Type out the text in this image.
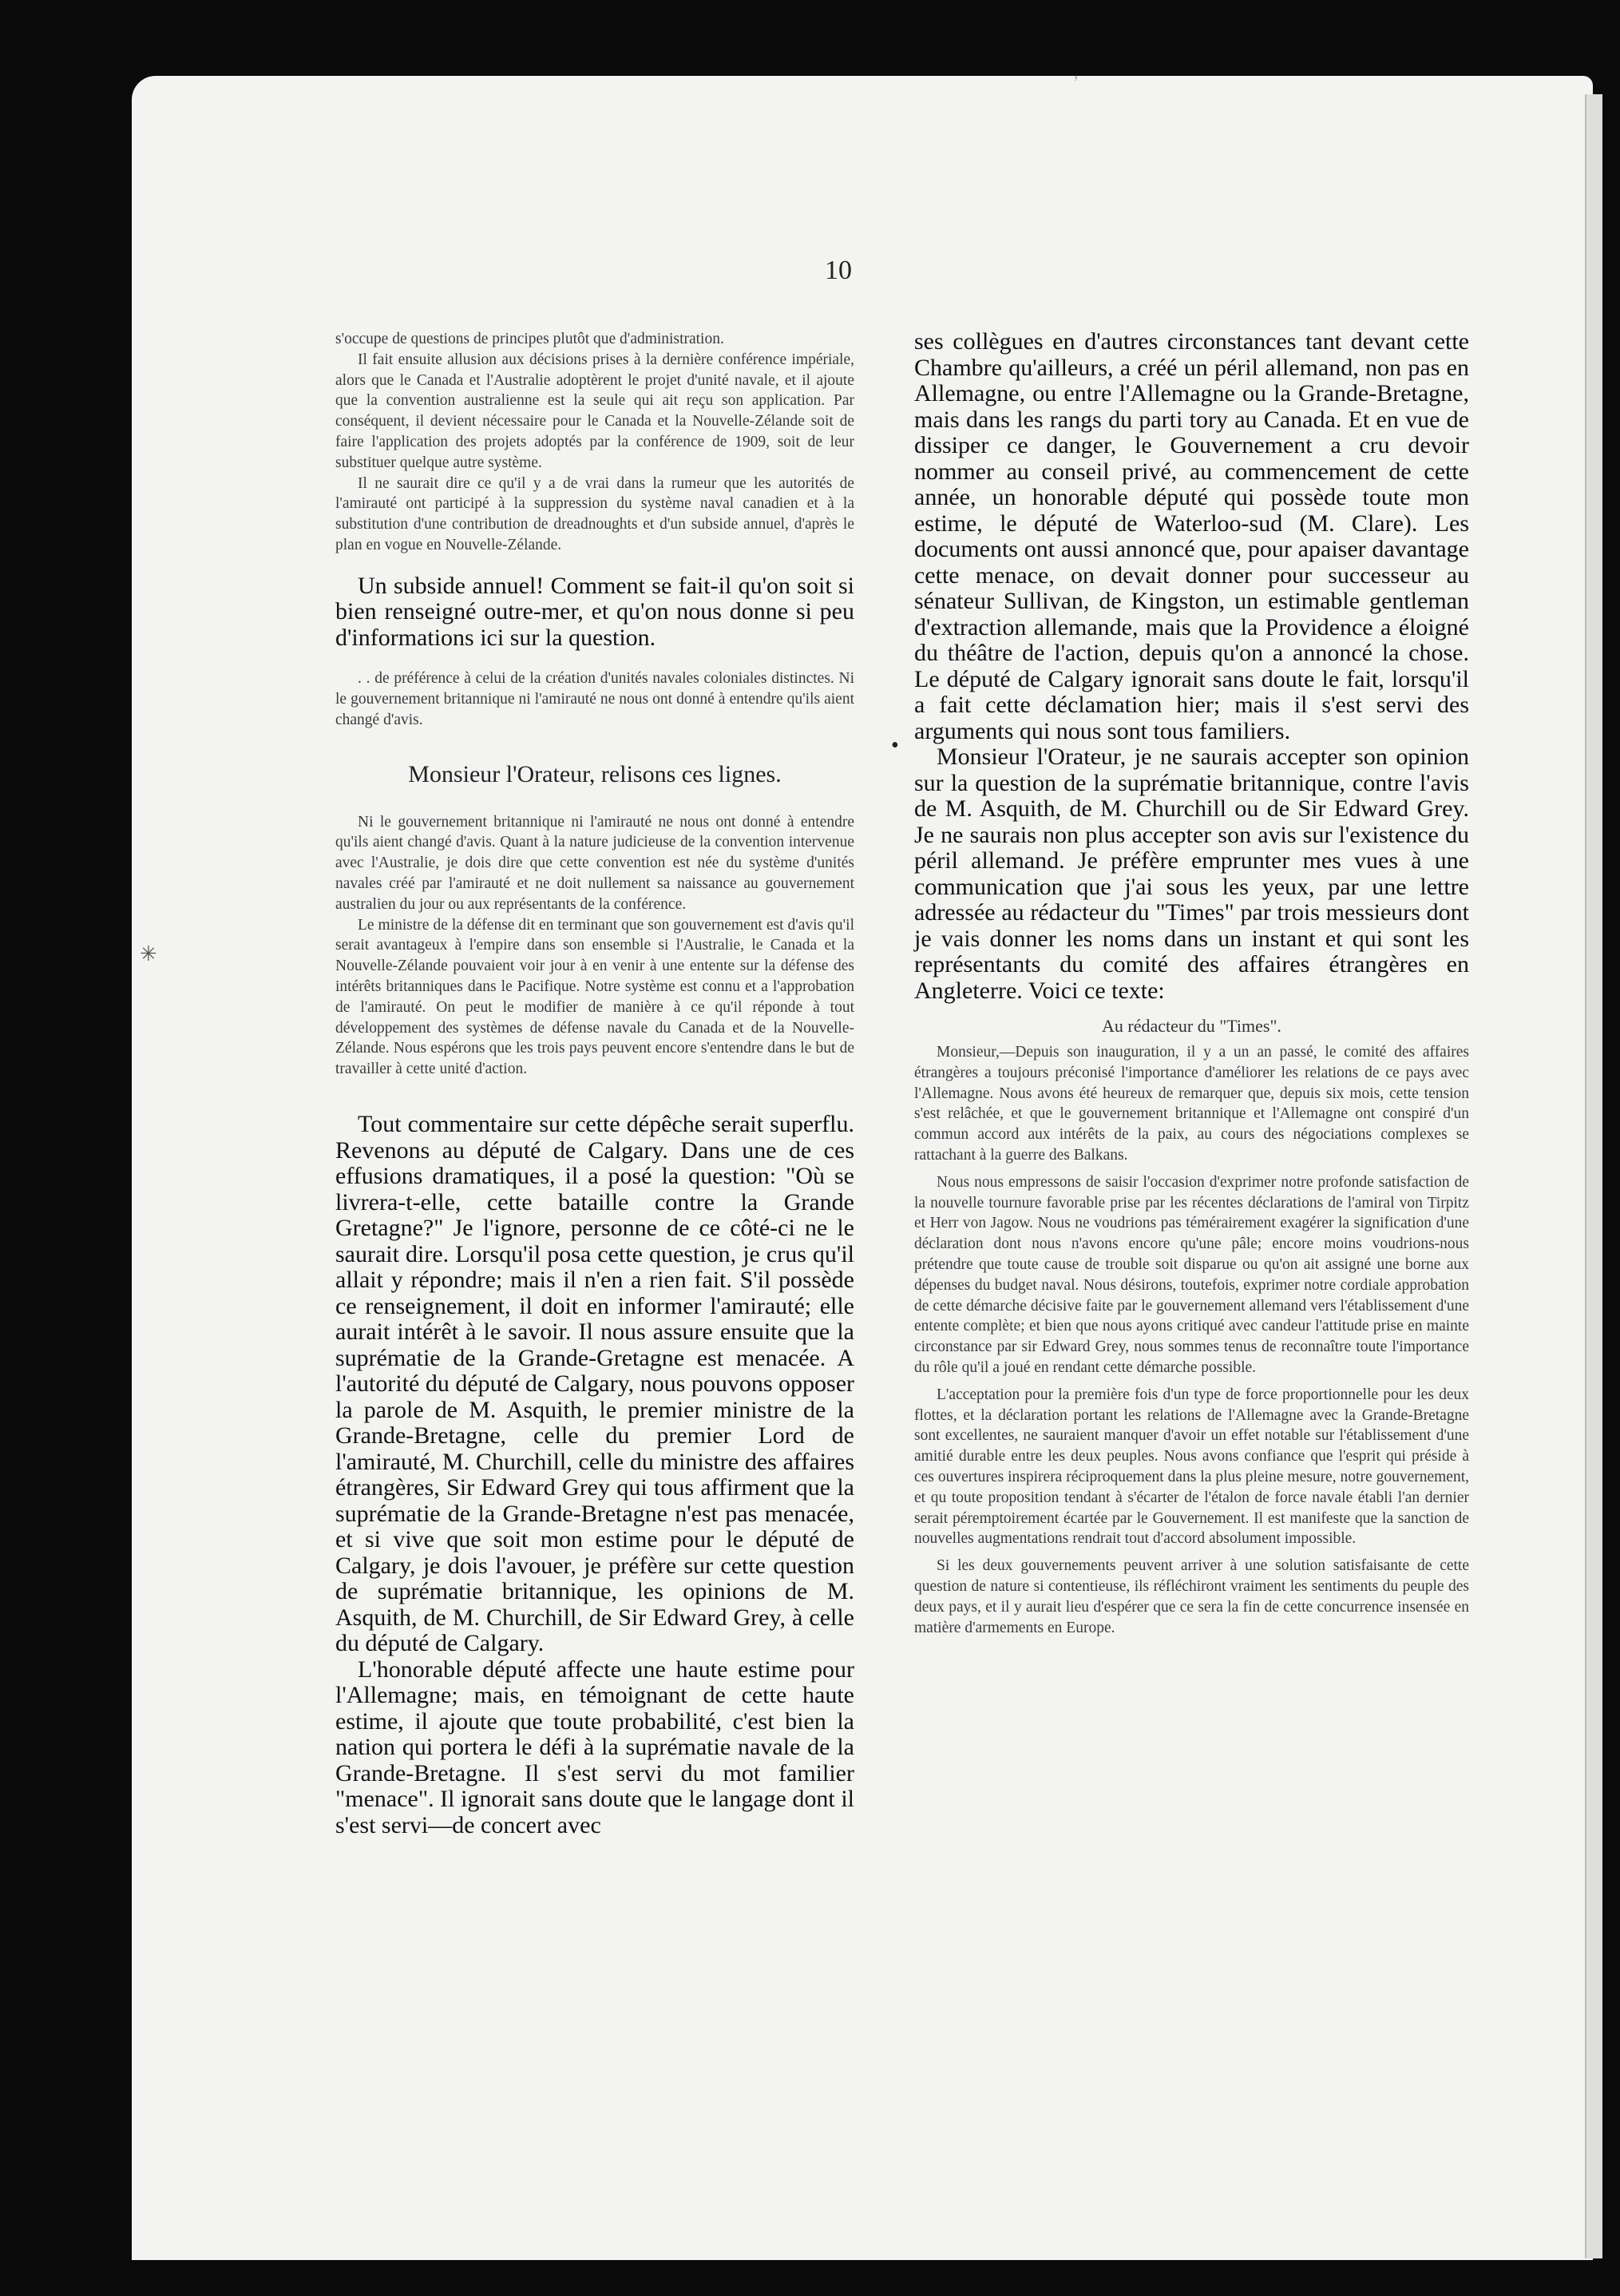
,
✳
•
10

s'occupe de questions de principes plutôt que d'administration.

Il fait ensuite allusion aux décisions prises à la dernière conférence impériale, alors que le Canada et l'Australie adoptèrent le projet d'unité navale, et il ajoute que la convention australienne est la seule qui ait reçu son application. Par conséquent, il devient nécessaire pour le Canada et la Nouvelle-Zélande soit de faire l'application des projets adoptés par la conférence de 1909, soit de leur substituer quelque autre système.

Il ne saurait dire ce qu'il y a de vrai dans la rumeur que les autorités de l'amirauté ont participé à la suppression du système naval canadien et à la substitution d'une contribution de dreadnoughts et d'un subside annuel, d'après le plan en vogue en Nouvelle-Zélande.

Un subside annuel! Comment se fait-il qu'on soit si bien renseigné outre-mer, et qu'on nous donne si peu d'informations ici sur la question.

. . de préférence à celui de la création d'unités navales coloniales distinctes. Ni le gouvernement britannique ni l'amirauté ne nous ont donné à entendre qu'ils aient changé d'avis.

Monsieur l'Orateur, relisons ces lignes.

Ni le gouvernement britannique ni l'amirauté ne nous ont donné à entendre qu'ils aient changé d'avis. Quant à la nature judicieuse de la convention intervenue avec l'Australie, je dois dire que cette convention est née du système d'unités navales créé par l'amirauté et ne doit nullement sa naissance au gouvernement australien du jour ou aux représentants de la conférence.

Le ministre de la défense dit en terminant que son gouvernement est d'avis qu'il serait avantageux à l'empire dans son ensemble si l'Australie, le Canada et la Nouvelle-Zélande pouvaient voir jour à en venir à une entente sur la défense des intérêts britanniques dans le Pacifique. Notre système est connu et a l'approbation de l'amirauté. On peut le modifier de manière à ce qu'il réponde à tout développement des systèmes de défense navale du Canada et de la Nouvelle-Zélande. Nous espérons que les trois pays peuvent encore s'entendre dans le but de travailler à cette unité d'action.

Tout commentaire sur cette dépêche serait superflu. Revenons au député de Calgary. Dans une de ces effusions dramatiques, il a posé la question: "Où se livrera-t-elle, cette bataille contre la Grande Gretagne?" Je l'ignore, personne de ce côté-ci ne le saurait dire. Lorsqu'il posa cette question, je crus qu'il allait y répondre; mais il n'en a rien fait. S'il possède ce renseignement, il doit en informer l'amirauté; elle aurait intérêt à le savoir. Il nous assure ensuite que la suprématie de la Grande-Gretagne est menacée. A l'autorité du député de Calgary, nous pouvons opposer la parole de M. Asquith, le premier ministre de la Grande-Bretagne, celle du premier Lord de l'amirauté, M. Churchill, celle du ministre des affaires étrangères, Sir Edward Grey qui tous affirment que la suprématie de la Grande-Bretagne n'est pas menacée, et si vive que soit mon estime pour le député de Calgary, je dois l'avouer, je préfère sur cette question de suprématie britannique, les opinions de M. Asquith, de M. Churchill, de Sir Edward Grey, à celle du député de Calgary.

L'honorable député affecte une haute estime pour l'Allemagne; mais, en témoignant de cette haute estime, il ajoute que toute probabilité, c'est bien la nation qui portera le défi à la suprématie navale de la Grande-Bretagne. Il s'est servi du mot familier "menace". Il ignorait sans doute que le langage dont il s'est servi—de concert avec

ses collègues en d'autres circonstances tant devant cette Chambre qu'ailleurs, a créé un péril allemand, non pas en Allemagne, ou entre l'Allemagne ou la Grande-Bretagne, mais dans les rangs du parti tory au Canada. Et en vue de dissiper ce danger, le Gouvernement a cru devoir nommer au conseil privé, au commencement de cette année, un honorable député qui possède toute mon estime, le député de Waterloo-sud (M. Clare). Les documents ont aussi annoncé que, pour apaiser davantage cette menace, on devait donner pour successeur au sénateur Sullivan, de Kingston, un estimable gentleman d'extraction allemande, mais que la Providence a éloigné du théâtre de l'action, depuis qu'on a annoncé la chose. Le député de Calgary ignorait sans doute le fait, lorsqu'il a fait cette déclamation hier; mais il s'est servi des arguments qui nous sont tous familiers.

Monsieur l'Orateur, je ne saurais accepter son opinion sur la question de la suprématie britannique, contre l'avis de M. Asquith, de M. Churchill ou de Sir Edward Grey. Je ne saurais non plus accepter son avis sur l'existence du péril allemand. Je préfère emprunter mes vues à une communication que j'ai sous les yeux, par une lettre adressée au rédacteur du "Times" par trois messieurs dont je vais donner les noms dans un instant et qui sont les représentants du comité des affaires étrangères en Angleterre. Voici ce texte:

Au rédacteur du "Times".

Monsieur,—Depuis son inauguration, il y a un an passé, le comité des affaires étrangères a toujours préconisé l'importance d'améliorer les relations de ce pays avec l'Allemagne. Nous avons été heureux de remarquer que, depuis six mois, cette tension s'est relâchée, et que le gouvernement britannique et l'Allemagne ont conspiré d'un commun accord aux intérêts de la paix, au cours des négociations complexes se rattachant à la guerre des Balkans.

Nous nous empressons de saisir l'occasion d'exprimer notre profonde satisfaction de la nouvelle tournure favorable prise par les récentes déclarations de l'amiral von Tirpitz et Herr von Jagow. Nous ne voudrions pas témérairement exagérer la signification d'une déclaration dont nous n'avons encore qu'une pâle; encore moins voudrions-nous prétendre que toute cause de trouble soit disparue ou qu'on ait assigné une borne aux dépenses du budget naval. Nous désirons, toutefois, exprimer notre cordiale approbation de cette démarche décisive faite par le gouvernement allemand vers l'établissement d'une entente complète; et bien que nous ayons critiqué avec candeur l'attitude prise en mainte circonstance par sir Edward Grey, nous sommes tenus de reconnaître toute l'importance du rôle qu'il a joué en rendant cette démarche possible.

L'acceptation pour la première fois d'un type de force proportionnelle pour les deux flottes, et la déclaration portant les relations de l'Allemagne avec la Grande-Bretagne sont excellentes, ne sauraient manquer d'avoir un effet notable sur l'établissement d'une amitié durable entre les deux peuples. Nous avons confiance que l'esprit qui préside à ces ouvertures inspirera réciproquement dans la plus pleine mesure, notre gouvernement, et qu toute proposition tendant à s'écarter de l'étalon de force navale établi l'an dernier serait péremptoirement écartée par le Gouvernement. Il est manifeste que la sanction de nouvelles augmentations rendrait tout d'accord absolument impossible.

Si les deux gouvernements peuvent arriver à une solution satisfaisante de cette question de nature si contentieuse, ils réfléchiront vraiment les sentiments du peuple des deux pays, et il y aurait lieu d'espérer que ce sera la fin de cette concurrence insensée en matière d'armements en Europe.
